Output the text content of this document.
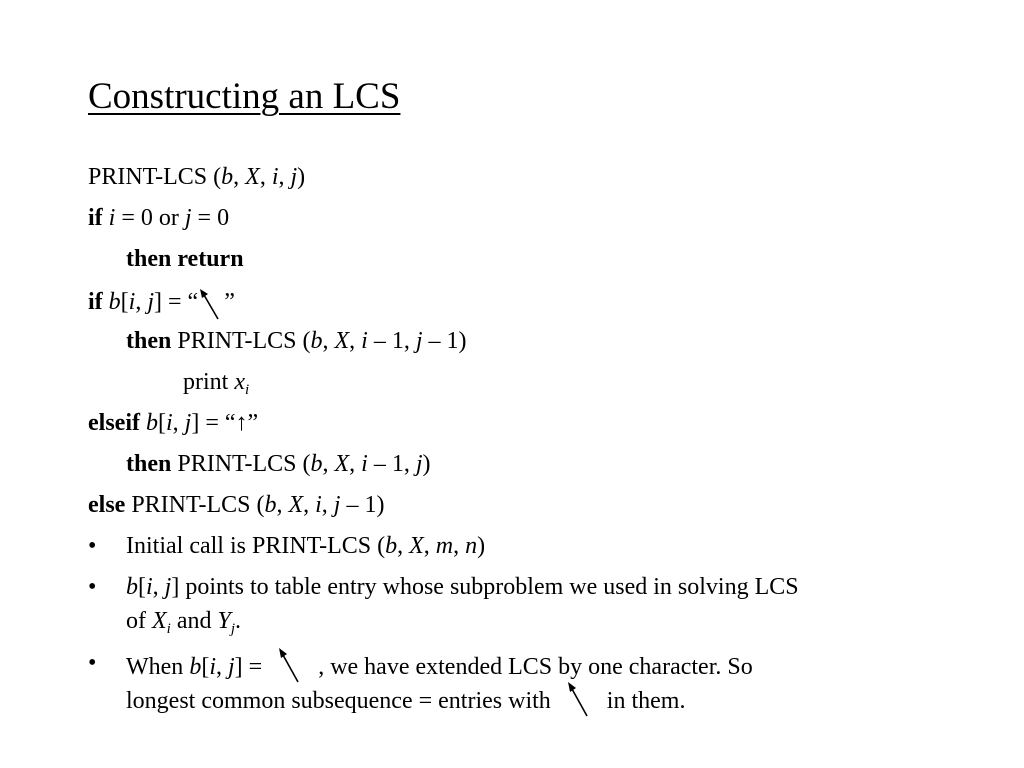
Constructing an LCS
PRINT-LCS (b, X, i, j)
if i = 0 or j = 0
then return
if b[i, j] = “ ”
then PRINT-LCS (b, X, i – 1, j – 1)
print $x_i$
elseif b[i, j] = “↑”
then PRINT-LCS (b, X, i – 1, j)
else PRINT-LCS (b, X, i, j – 1)
• Initial call is PRINT-LCS (b, X, m, n)
• b[i, j] points to table entry whose subproblem we used in solving LCS
of $X_i$ and $Y_j$.
• When b[i, j] =
, we have extended LCS by one character. So
longest common subsequence = entries with
in them.
